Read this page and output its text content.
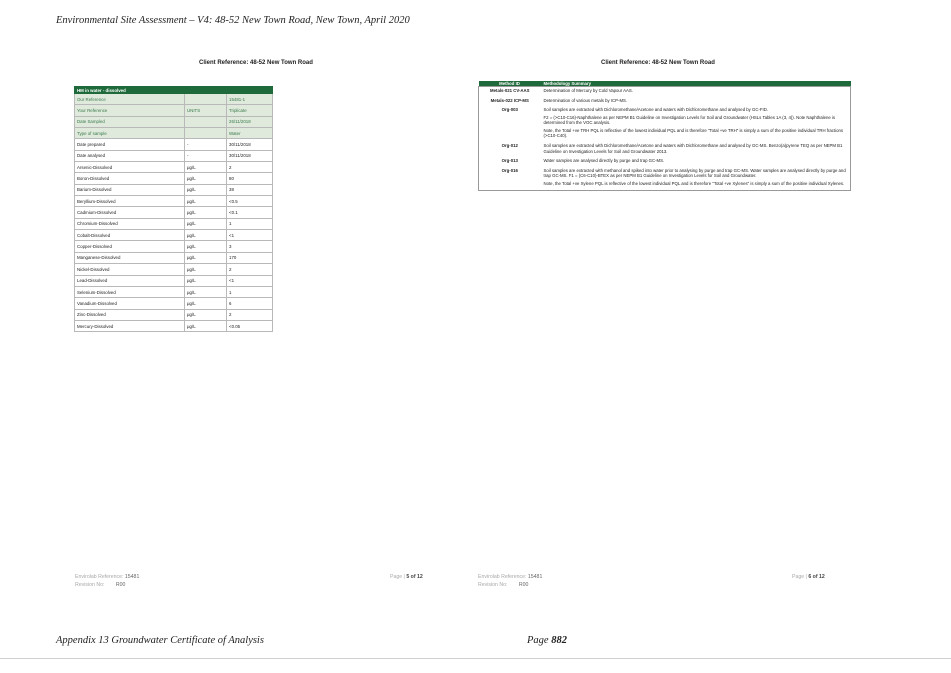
Environmental Site Assessment – V4: 48-52 New Town Road, New Town, April 2020
Client Reference: 48-52 New Town Road
HM in water - dissolved		
Our Reference		15481-1
Your Reference	UNITS	Triplicate
Date Sampled		26/11/2018
Type of sample		Water
Date prepared	-	30/11/2018
Date analysed	-	30/11/2018
Arsenic-Dissolved	µg/L	2
Boron-Dissolved	µg/L	80
Barium-Dissolved	µg/L	38
Beryllium-Dissolved	µg/L	<0.5
Cadmium-Dissolved	µg/L	<0.1
Chromium-Dissolved	µg/L	1
Cobalt-Dissolved	µg/L	<1
Copper-Dissolved	µg/L	3
Manganese-Dissolved	µg/L	170
Nickel-Dissolved	µg/L	2
Lead-Dissolved	µg/L	<1
Selenium-Dissolved	µg/L	1
Vanadium-Dissolved	µg/L	6
Zinc-Dissolved	µg/L	2
Mercury-Dissolved	µg/L	<0.05
Envirolab Reference: 15481
Revision No: R00
Page | 5 of 12
Client Reference: 48-52 New Town Road
Method ID	Methodology Summary
Metals-021 CV-AAS	Determination of Mercury by Cold Vapour AAS.

Metals-022 ICP-MS	Determination of various metals by ICP-MS.

Org-003	Soil samples are extracted with Dichloromethane/Acetone and waters with Dichloromethane and analysed by GC-FID.

F2 = (>C10-C16)-Naphthalene as per NEPM B1 Guideline on Investigation Levels for Soil and Groundwater (HSLs Tables 1A (3, 4)). Note Naphthalene is determined from the VOC analysis.

Note, the Total +ve TRH PQL is reflective of the lowest individual PQL and is therefore "Total +ve TRH" is simply a sum of the positive individual TRH fractions (>C10-C40).

Org-012	Soil samples are extracted with Dichloromethane/Acetone and waters with Dichloromethane and analysed by GC-MS. Benzo(a)pyrene TEQ as per NEPM B1 Guideline on Investigation Levels for Soil and Groundwater 2013.

Org-013	Water samples are analysed directly by purge and trap GC-MS.

Org-016	Soil samples are extracted with methanol and spiked into water prior to analysing by purge and trap GC-MS. Water samples are analysed directly by purge and trap GC-MS. F1 = (C6-C10)-BTEX as per NEPM B1 Guideline on Investigation Levels for Soil and Groundwater.

Note, the Total +ve Xylene PQL is reflective of the lowest individual PQL and is therefore "Total +ve Xylenes" is simply a sum of the positive individual Xylenes.

Envirolab Reference: 15481
Revision No: R00
Page | 6 of 12
Appendix 13 Groundwater Certificate of Analysis	Page 882
